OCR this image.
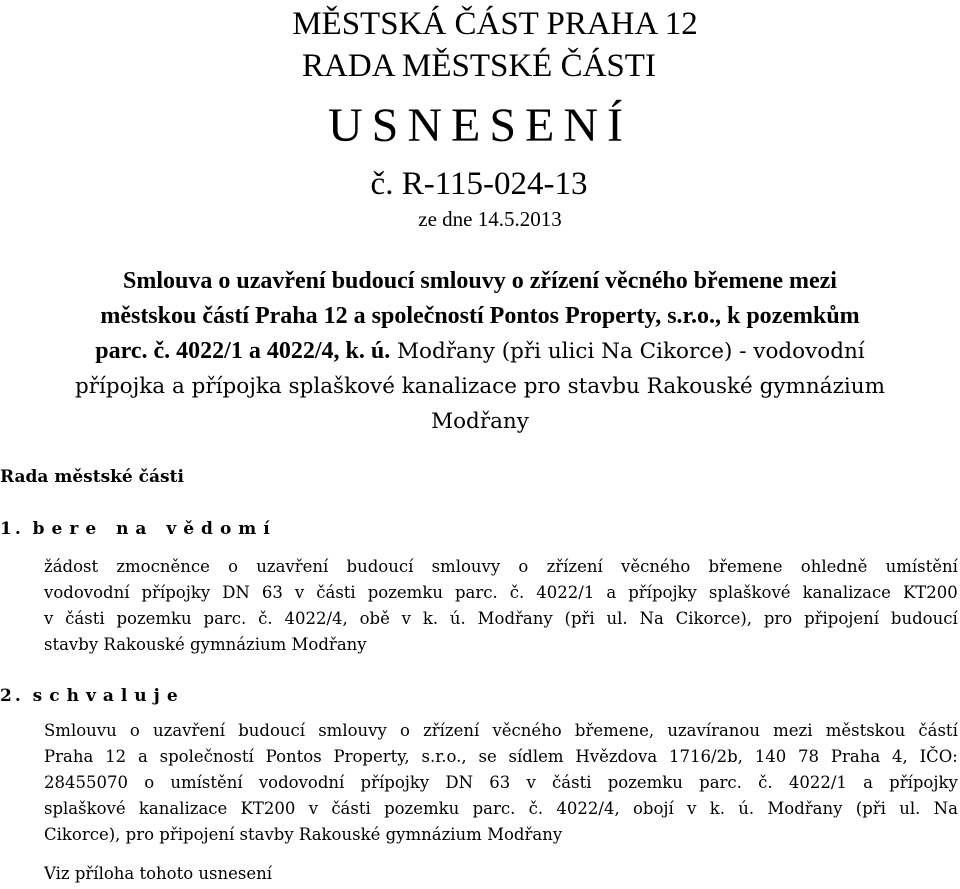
MĚSTSKÁ ČÁST PRAHA 12
RADA MĚSTSKÉ ČÁSTI
USNESENÍ
č. R-115-024-13
ze dne 14.5.2013
Smlouva o uzavření budoucí smlouvy o zřízení věcného břemene mezi
městskou částí Praha 12 a společností Pontos Property, s.r.o., k pozemkům
parc. č. 4022/1 a 4022/4, k. ú. Modřany (při ulici Na Cikorce) - vodovodní
přípojka a přípojka splaškové kanalizace pro stavbu Rakouské gymnázium
Modřany
Rada městské části
1. bere na vědomí
žádost zmocněnce o uzavření budoucí smlouvy o zřízení věcného břemene ohledně umístění
vodovodní přípojky DN 63 v části pozemku parc. č. 4022/1 a přípojky splaškové kanalizace KT200
v části pozemku parc. č. 4022/4, obě v k. ú. Modřany (při ul. Na Cikorce), pro připojení budoucí
stavby Rakouské gymnázium Modřany
2. schvaluje
Smlouvu o uzavření budoucí smlouvy o zřízení věcného břemene, uzavíranou mezi městskou částí
Praha 12 a společností Pontos Property, s.r.o., se sídlem Hvězdova 1716/2b, 140 78 Praha 4, IČO:
28455070 o umístění vodovodní přípojky DN 63 v části pozemku parc. č. 4022/1 a přípojky
splaškové kanalizace KT200 v části pozemku parc. č. 4022/4, obojí v k. ú. Modřany (při ul. Na
Cikorce), pro připojení stavby Rakouské gymnázium Modřany
Viz příloha tohoto usnesení
